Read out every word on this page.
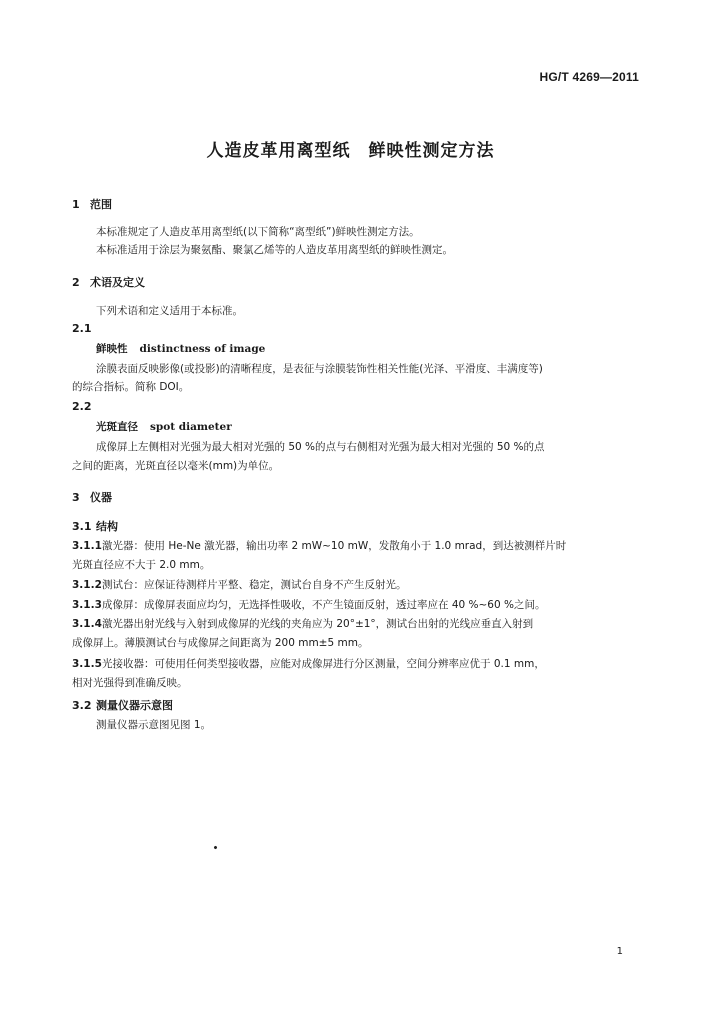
HG/T 4269—2011
人造皮革用离型纸 鲜映性测定方法
1 范围
本标准规定了人造皮革用离型纸(以下简称“离型纸”)鲜映性测定方法。
本标准适用于涂层为聚氨酯、聚氯乙烯等的人造皮革用离型纸的鲜映性测定。
2 术语及定义
下列术语和定义适用于本标准。
2.1
鲜映性 distinctness of image
涂膜表面反映影像(或投影)的清晰程度，是表征与涂膜装饰性相关性能(光泽、平滑度、丰满度等)
的综合指标。简称 DOI。
2.2
光斑直径 spot diameter
成像屏上左侧相对光强为最大相对光强的 50 %的点与右侧相对光强为最大相对光强的 50 %的点
之间的距离，光斑直径以毫米(mm)为单位。
3 仪器
3.1 结构
3.1.1激光器：使用 He-Ne 激光器，输出功率 2 mW~10 mW，发散角小于 1.0 mrad，到达被测样片时
光斑直径应不大于 2.0 mm。
3.1.2测试台：应保证待测样片平整、稳定，测试台自身不产生反射光。
3.1.3成像屏：成像屏表面应均匀，无选择性吸收，不产生镜面反射，透过率应在 40 %~60 %之间。
3.1.4激光器出射光线与入射到成像屏的光线的夹角应为 20°±1°，测试台出射的光线应垂直入射到
成像屏上。薄膜测试台与成像屏之间距离为 200 mm±5 mm。
3.1.5光接收器：可使用任何类型接收器，应能对成像屏进行分区测量，空间分辨率应优于 0.1 mm，
相对光强得到准确反映。
3.2 测量仪器示意图
测量仪器示意图见图 1。
1
